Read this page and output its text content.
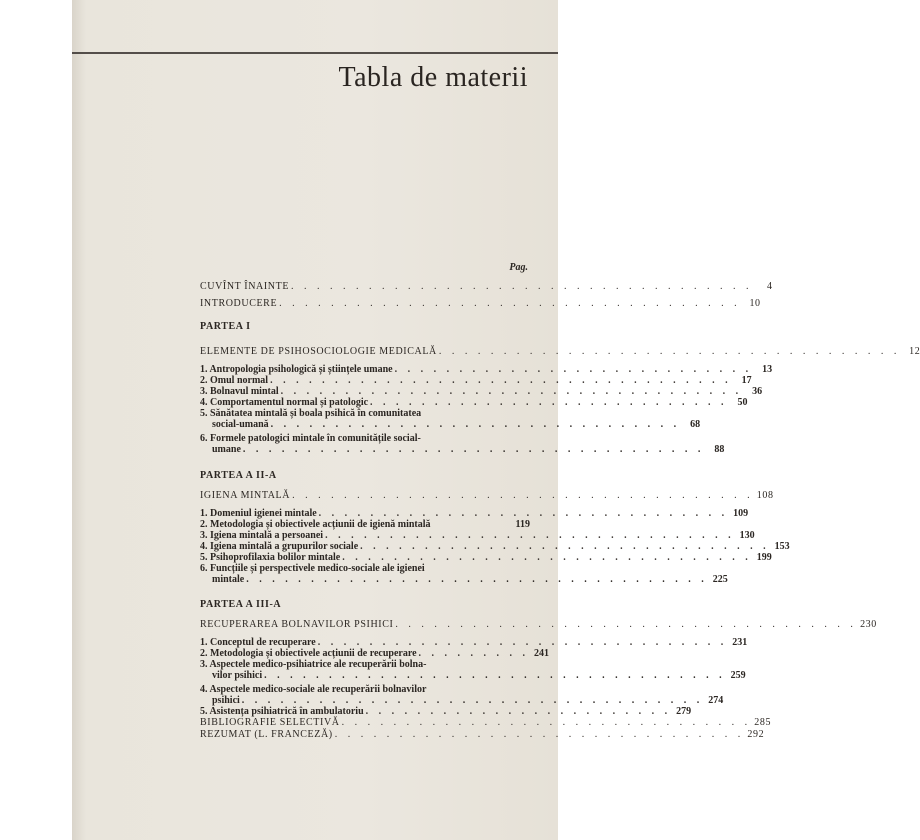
Tabla de materii
Pag.
CUVÎNT ÎNAINTE . . . . . . . . . . . . . . . . . . . . . . . . . . . . . . . . . . . .	4
INTRODUCERE . . . . . . . . . . . . . . . . . . . . . . . . . . . . . . . . . . . . 10
PARTEA I
ELEMENTE DE PSIHOSOCIOLOGIE MEDICALĂ . . . . . . . . . . . . . . . . . . . . . . . . . . . . . . . . . . . . 12
1. Antropologia psihologică și științele umane . . . . . . . . . . . . . . . . . . . . . . . . . . . .	13
2. Omul normal . . . . . . . . . . . . . . . . . . . . . . . . . . . . . . . . . . . .	17
3. Bolnavul mintal . . . . . . . . . . . . . . . . . . . . . . . . . . . . . . . . . . . .	36
4. Comportamentul normal și patologic . . . . . . . . . . . . . . . . . . . . . . . . . . . .	50
5. Sănătatea mintală și boala psihică în comunitatea
social-umană . . . . . . . . . . . . . . . . . . . . . . . . . . . . . . . .	68
6. Formele patologici mintale în comunitățile social-
umane . . . . . . . . . . . . . . . . . . . . . . . . . . . . . . . . . . . .	88
PARTEA A II-A
IGIENA MINTALĂ . . . . . . . . . . . . . . . . . . . . . . . . . . . . . . . . . . . . 108
1. Domeniul igienei mintale . . . . . . . . . . . . . . . . . . . . . . . . . . . . . . . . 109
2. Metodologia și obiectivele acțiunii de igienă mintală	119
3. Igiena mintală a persoanei . . . . . . . . . . . . . . . . . . . . . . . . . . . . . . . . 130
4. Igiena mintală a grupurilor sociale . . . . . . . . . . . . . . . . . . . . . . . . . . . . . . . . 153
5. Psihoprofilaxia bolilor mintale . . . . . . . . . . . . . . . . . . . . . . . . . . . . . . . . 199
6. Funcțiile și perspectivele medico-sociale ale igienei
mintale . . . . . . . . . . . . . . . . . . . . . . . . . . . . . . . . . . . . 225
PARTEA A III-A
RECUPERAREA BOLNAVILOR PSIHICI . . . . . . . . . . . . . . . . . . . . . . . . . . . . . . . . . . . . 230
1. Conceptul de recuperare . . . . . . . . . . . . . . . . . . . . . . . . . . . . . . . . 231
2. Metodologia și obiectivele acțiunii de recuperare . . . . . . . . . 241
3. Aspectele medico-psihiatrice ale recuperării bolna-
vilor psihici . . . . . . . . . . . . . . . . . . . . . . . . . . . . . . . . . . . . 259
4. Aspectele medico-sociale ale recuperării bolnavilor
psihici . . . . . . . . . . . . . . . . . . . . . . . . . . . . . . . . . . . . 274
5. Asistența psihiatrică în ambulatoriu . . . . . . . . . . . . . . . . . . . . . . . . 279
BIBLIOGRAFIE SELECTIVĂ . . . . . . . . . . . . . . . . . . . . . . . . . . . . . . . . 285
REZUMAT (L. FRANCEZĂ) . . . . . . . . . . . . . . . . . . . . . . . . . . . . . . . . 292
